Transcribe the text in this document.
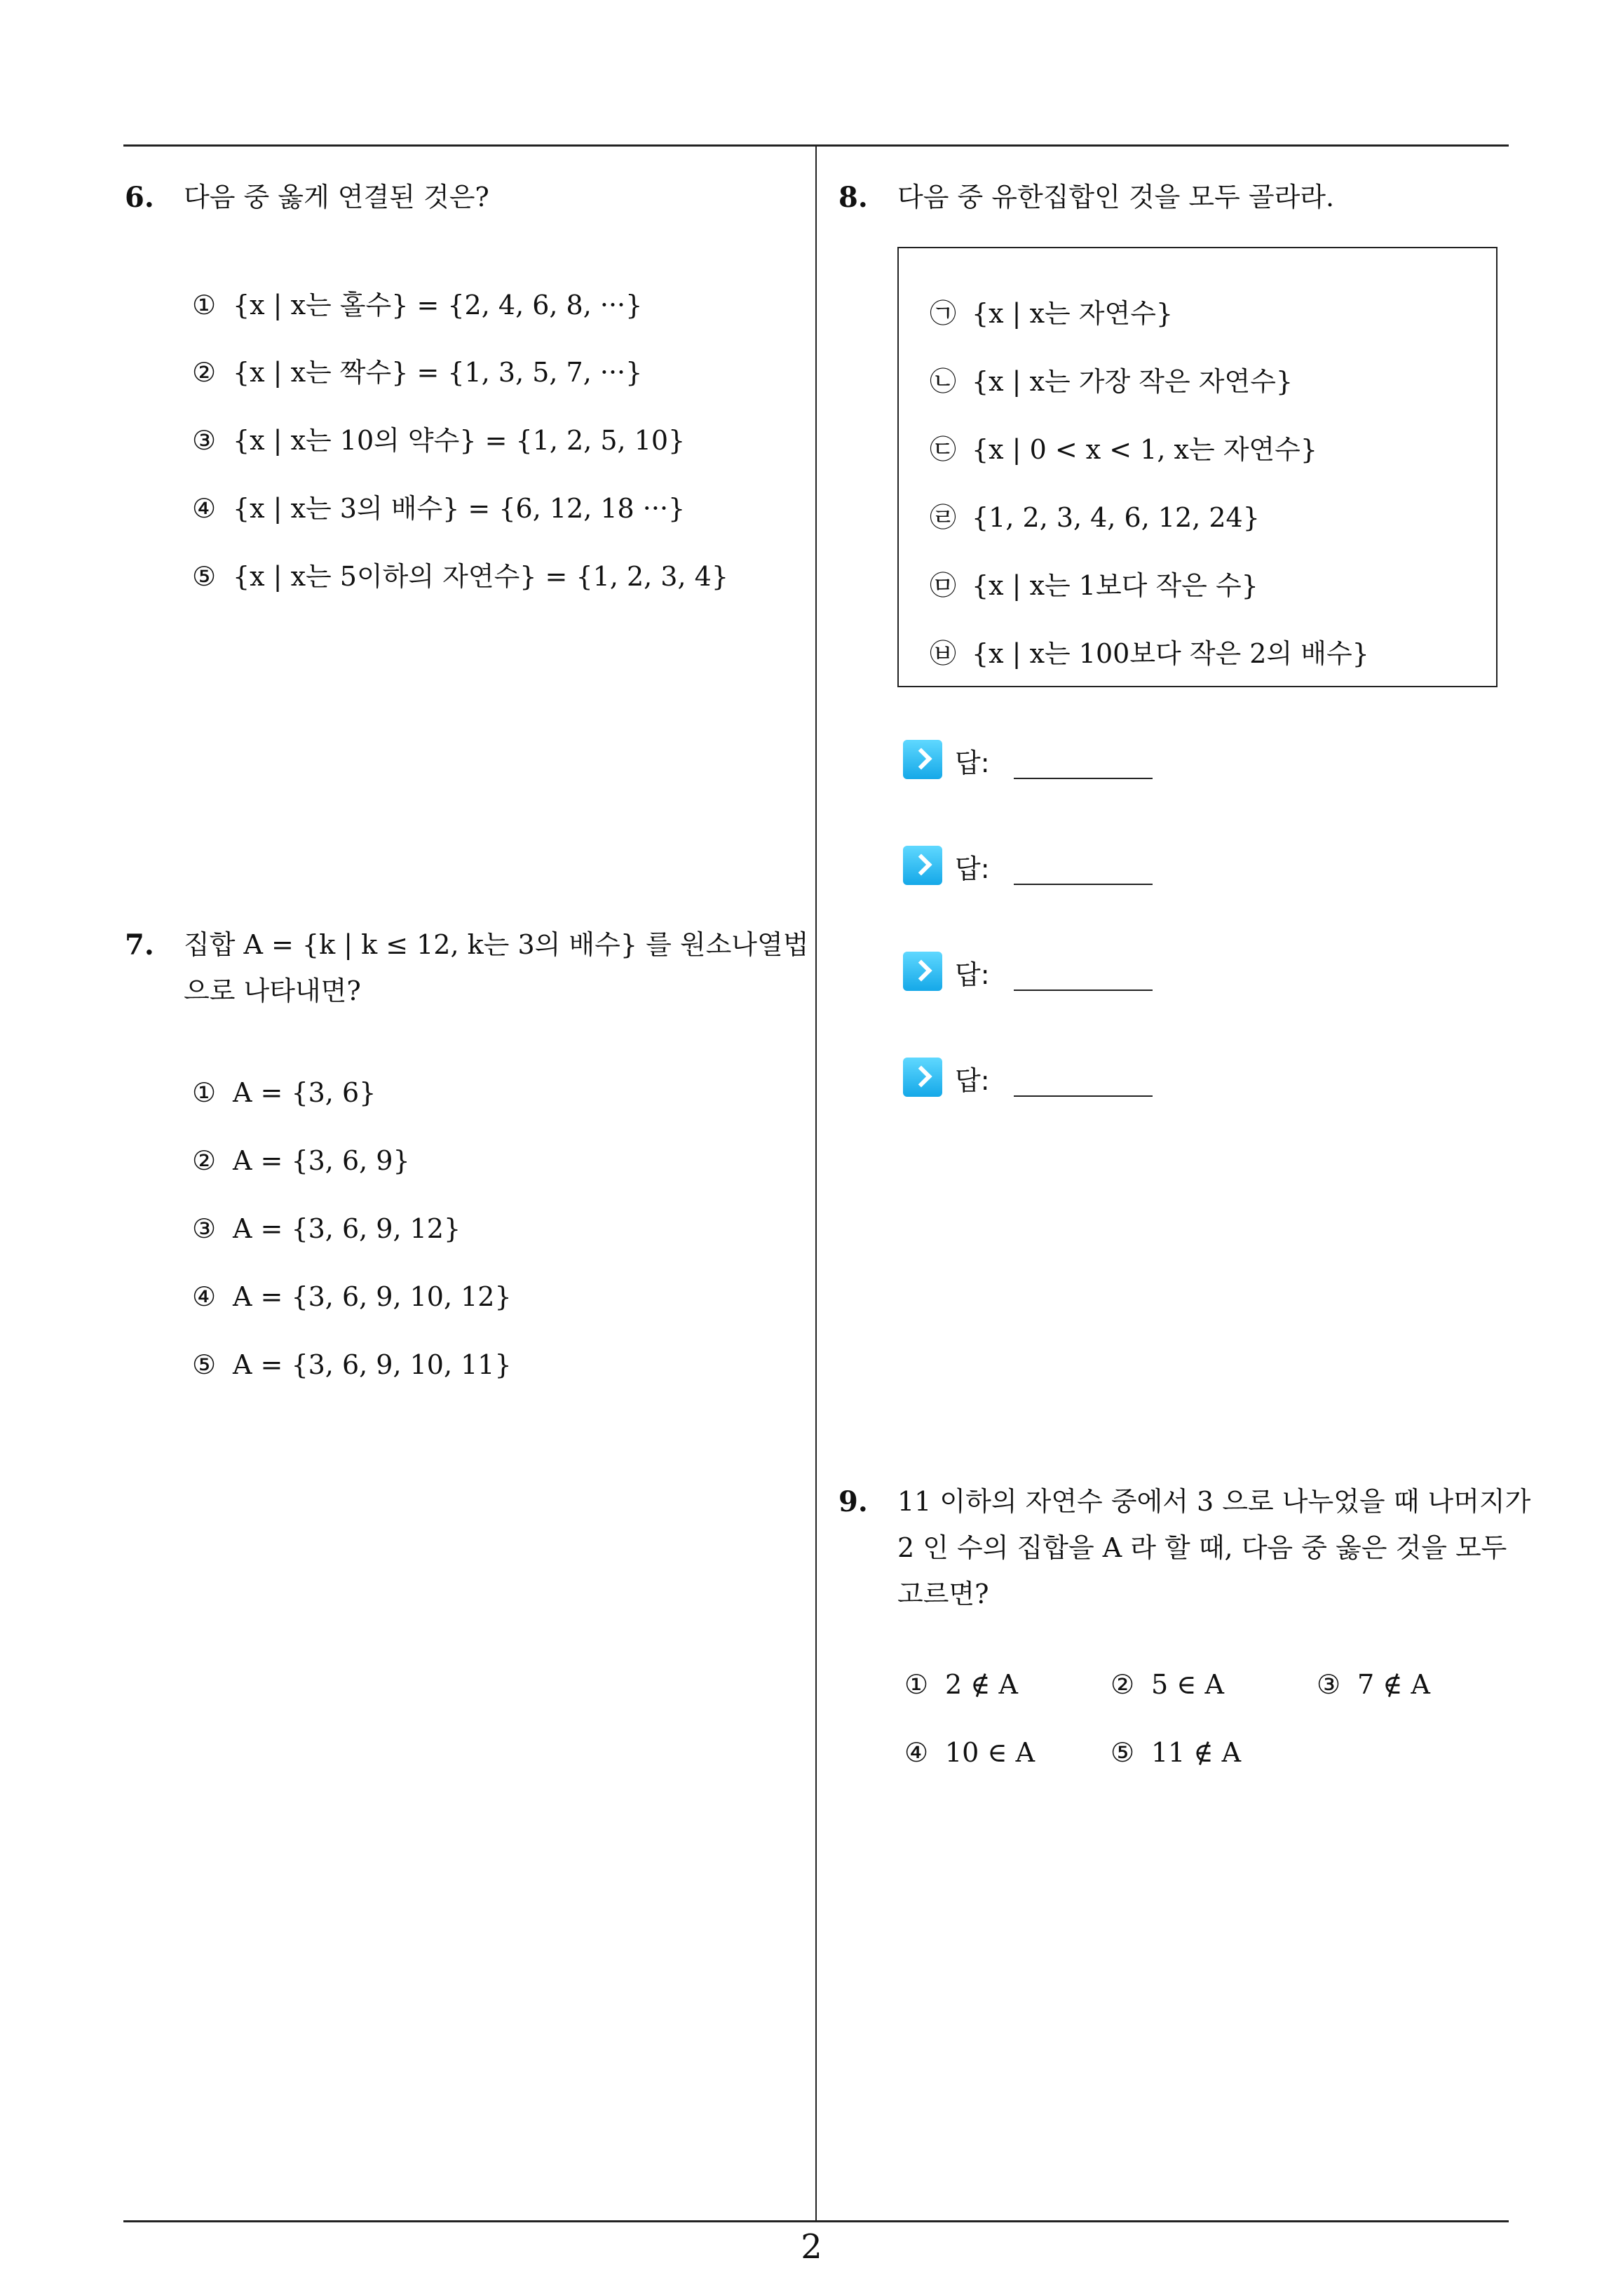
6. 다음 중 옳게 연결된 것은?
① {x | x는 홀수} = {2, 4, 6, 8, ···}
② {x | x는 짝수} = {1, 3, 5, 7, ···}
③ {x | x는 10의 약수} = {1, 2, 5, 10}
④ {x | x는 3의 배수} = {6, 12, 18 ···}
⑤ {x | x는 5이하의 자연수} = {1, 2, 3, 4}
7. 집합 A = {k | k ≤ 12, k는 3의 배수} 를 원소나열법
으로 나타내면?
① A = {3, 6}
② A = {3, 6, 9}
③ A = {3, 6, 9, 12}
④ A = {3, 6, 9, 10, 12}
⑤ A = {3, 6, 9, 10, 11}
8. 다음 중 유한집합인 것을 모두 골라라.
㉠ {x | x는 자연수}
㉡ {x | x는 가장 작은 자연수}
㉢ {x | 0 < x < 1, x는 자연수}
㉣ {1, 2, 3, 4, 6, 12, 24}
㉤ {x | x는 1보다 작은 수}
㉥ {x | x는 100보다 작은 2의 배수}
답:
답:
답:
답:
9. 11 이하의 자연수 중에서 3 으로 나누었을 때 나머지가
2 인 수의 집합을 A 라 할 때, 다음 중 옳은 것을 모두
고르면?
① 2 ∉ A	② 5 ∈ A	③ 7 ∉ A
④ 10 ∈ A	⑤ 11 ∉ A
2
